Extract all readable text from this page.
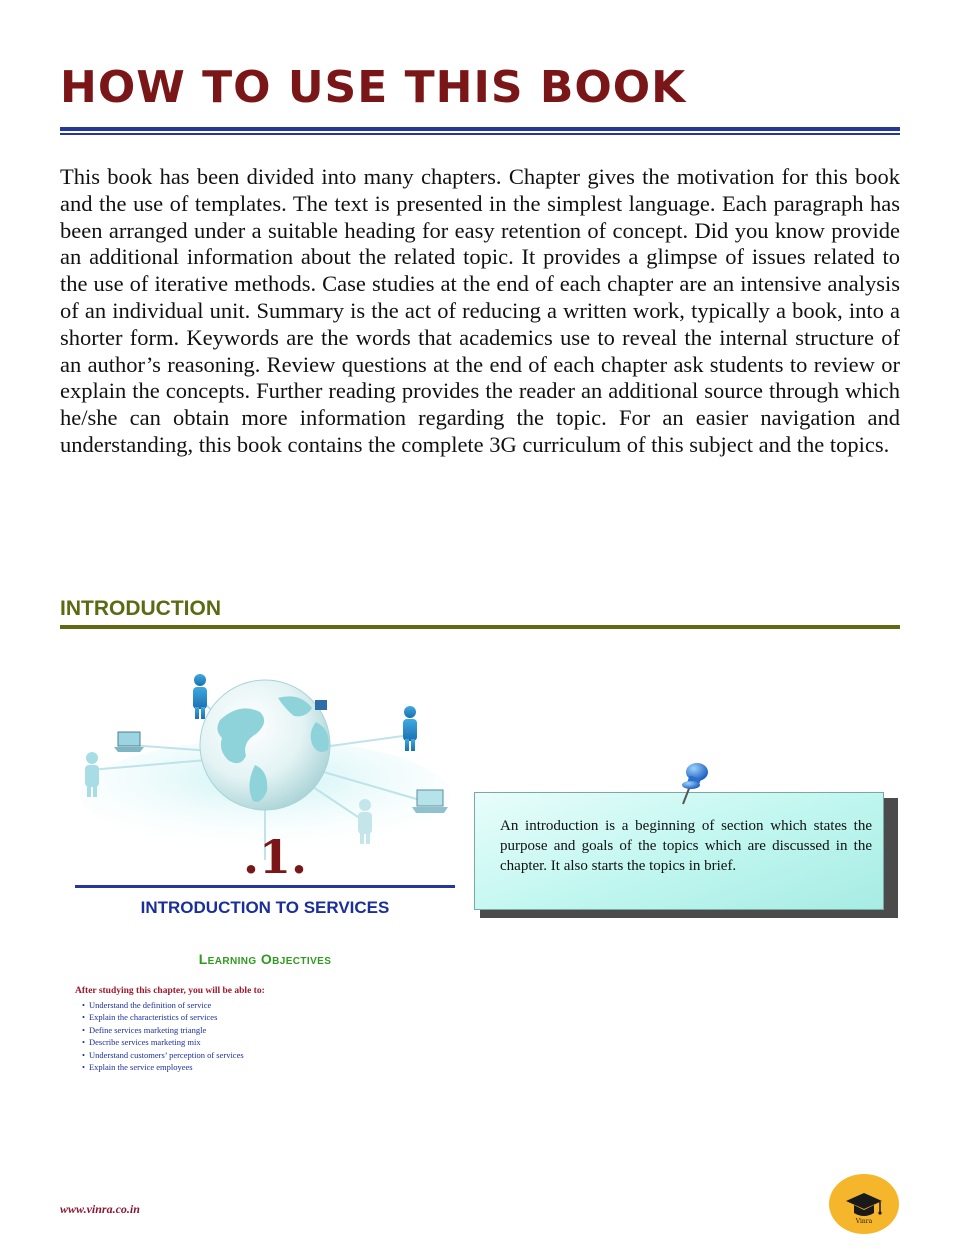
HOW TO USE THIS BOOK

This book has been divided into many chapters. Chapter gives the motivation for this book and the use of templates. The text is presented in the simplest language. Each paragraph has been arranged under a suitable heading for easy retention of concept. Did you know provide an additional information about the related topic. It provides a glimpse of issues related to the use of iterative methods. Case studies at the end of each chapter are an intensive analysis of an individual unit. Summary is the act of reducing a written work, typically a book, into a shorter form. Keywords are the words that academics use to reveal the internal structure of an author’s reasoning. Review questions at the end of each chapter ask students to review or explain the concepts. Further reading provides the reader an additional source through which he/she can obtain more information regarding the topic. For an easier navigation and understanding, this book contains the complete 3G curriculum of this subject and the topics.

INTRODUCTION
.1.
INTRODUCTION TO SERVICES
Learning Objectives

After studying this chapter, you will be able to:

• Understand the definition of service
• Explain the characteristics of services
• Define services marketing triangle
• Describe services marketing mix
• Understand customers’ perception of services
• Explain the service employees

An introduction is a beginning of section which states the purpose and goals of the topics which are discussed in the chapter. It also starts the topics in brief.

www.vinra.co.in
Vinra
